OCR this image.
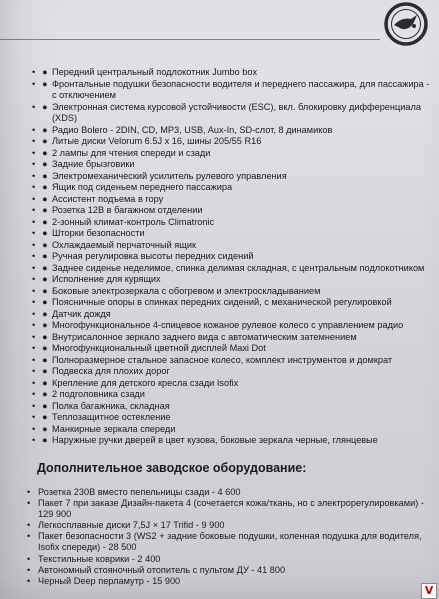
• ● Передний центральный подлокотник Jumbo box
• ● Фронтальные подушки безопасности водителя и переднего пассажира, для пассажира - с отключением
• ● Электронная система курсовой устойчивости (ESC), вкл. блокировку дифференциала (XDS)
• ● Радио Bolero - 2DIN, CD, MP3, USB, Aux-In, SD-слот, 8 динамиков
• ● Литые диски Velorum 6.5J x 16, шины 205/55 R16
• ● 2 лампы для чтения спереди и сзади
• ● Задние брызговики
• ● Электромеханический усилитель рулевого управления
• ● Ящик под сиденьем переднего пассажира
• ● Ассистент подъема в гору
• ● Розетка 12В в багажном отделении
• ● 2-зонный климат-контроль Climatronic
• ● Шторки безопасности
• ● Охлаждаемый перчаточный ящик
• ● Ручная регулировка высоты передних сидений
• ● Заднее сиденье неделимое, спинка делимая складная, с центральным подлокотником
• ● Исполнение для курящих
• ● Боковые электрозеркала с обогревом и электроскладыванием
• ● Поясничные опоры в спинках передних сидений, с механической регулировкой
• ● Датчик дождя
• ● Многофункциональное 4-спицевое кожаное рулевое колесо с управлением радио
• ● Внутрисалонное зеркало заднего вида с автоматическим затемнением
• ● Многофункциональный цветной дисплей Maxi Dot
• ● Полноразмерное стальное запасное колесо, комплект инструментов и домкрат
• ● Подвеска для плохих дорог
• ● Крепление для детского кресла сзади Isofix
• ● 2 подголовника сзади
• ● Полка багажника, складная
• ● Теплозащитное остекление
• ● Манкирные зеркала спереди
• ● Наружные ручки дверей в цвет кузова, боковые зеркала черные, глянцевые
Дополнительное заводское оборудование:
• Розетка 230В вместо пепельницы сзади - 4 600
• Пакет 7 при заказе Дизайн-пакета 4 (сочетается кожа/ткань, но с электрорегулировками) - 129 900
• Легкосплавные диски 7,5J × 17 Trifid - 9 900
• Пакет безопасности 3 (WS2 + задние боковые подушки, коленная подушка для водителя, Isofix спереди) - 28 500
• Текстильные коврики - 2 400
• Автономный стояночный отопитель с пультом ДУ - 41 800
• Черный Deep перламутр - 15 900
V
